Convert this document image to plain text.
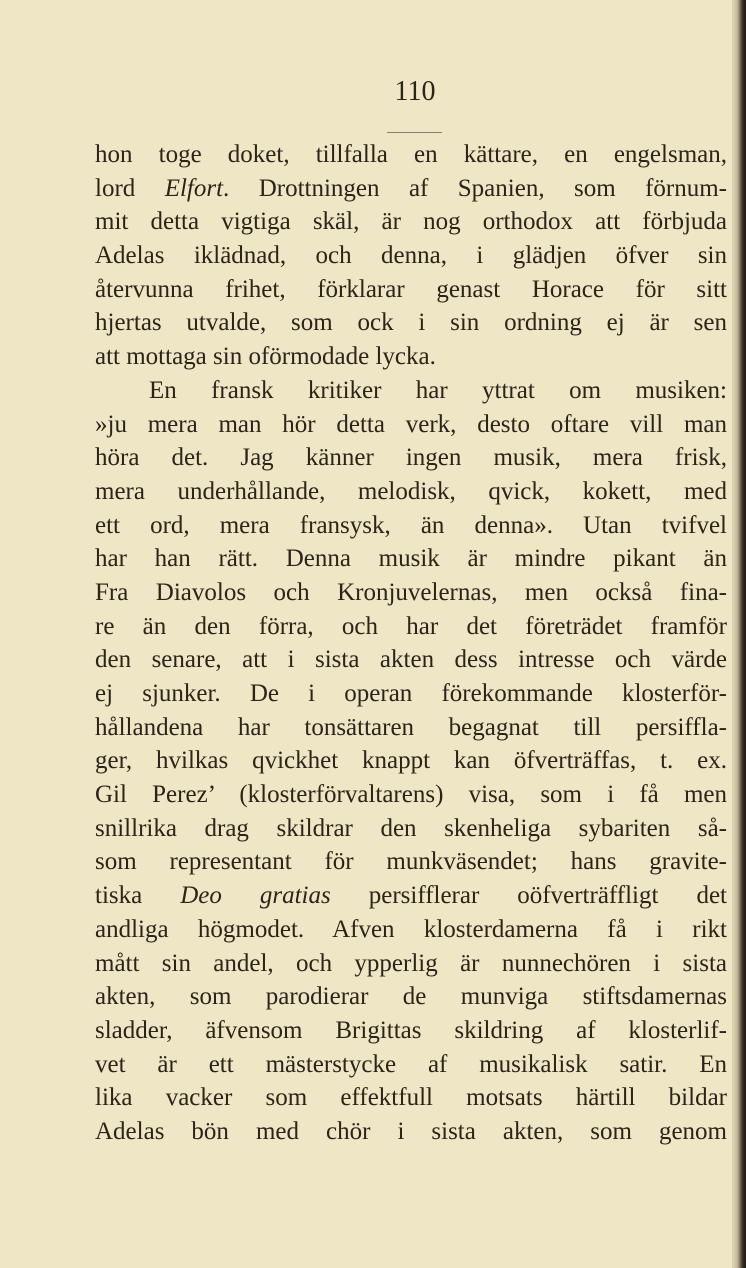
110
hon toge doket, tillfalla en kättare, en engelsman,
lord Elfort. Drottningen af Spanien, som förnum-
mit detta vigtiga skäl, är nog orthodox att förbjuda
Adelas iklädnad, och denna, i glädjen öfver sin
återvunna frihet, förklarar genast Horace för sitt
hjertas utvalde, som ock i sin ordning ej är sen
att mottaga sin oförmodade lycka.
En fransk kritiker har yttrat om musiken:
»ju mera man hör detta verk, desto oftare vill man
höra det. Jag känner ingen musik, mera frisk,
mera underhållande, melodisk, qvick, kokett, med
ett ord, mera fransysk, än denna». Utan tvifvel
har han rätt. Denna musik är mindre pikant än
Fra Diavolos och Kronjuvelernas, men också fina-
re än den förra, och har det företrädet framför
den senare, att i sista akten dess intresse och värde
ej sjunker. De i operan förekommande klosterför-
hållandena har tonsättaren begagnat till persiffla-
ger, hvilkas qvickhet knappt kan öfverträffas, t. ex.
Gil Perez’ (klosterförvaltarens) visa, som i få men
snillrika drag skildrar den skenheliga sybariten så-
som representant för munkväsendet; hans gravite-
tiska Deo gratias persifflerar oöfverträffligt det
andliga högmodet. Afven klosterdamerna få i rikt
mått sin andel, och ypperlig är nunnechören i sista
akten, som parodierar de munviga stiftsdamernas
sladder, äfvensom Brigittas skildring af klosterlif-
vet är ett mästerstycke af musikalisk satir. En
lika vacker som effektfull motsats härtill bildar
Adelas bön med chör i sista akten, som genom
